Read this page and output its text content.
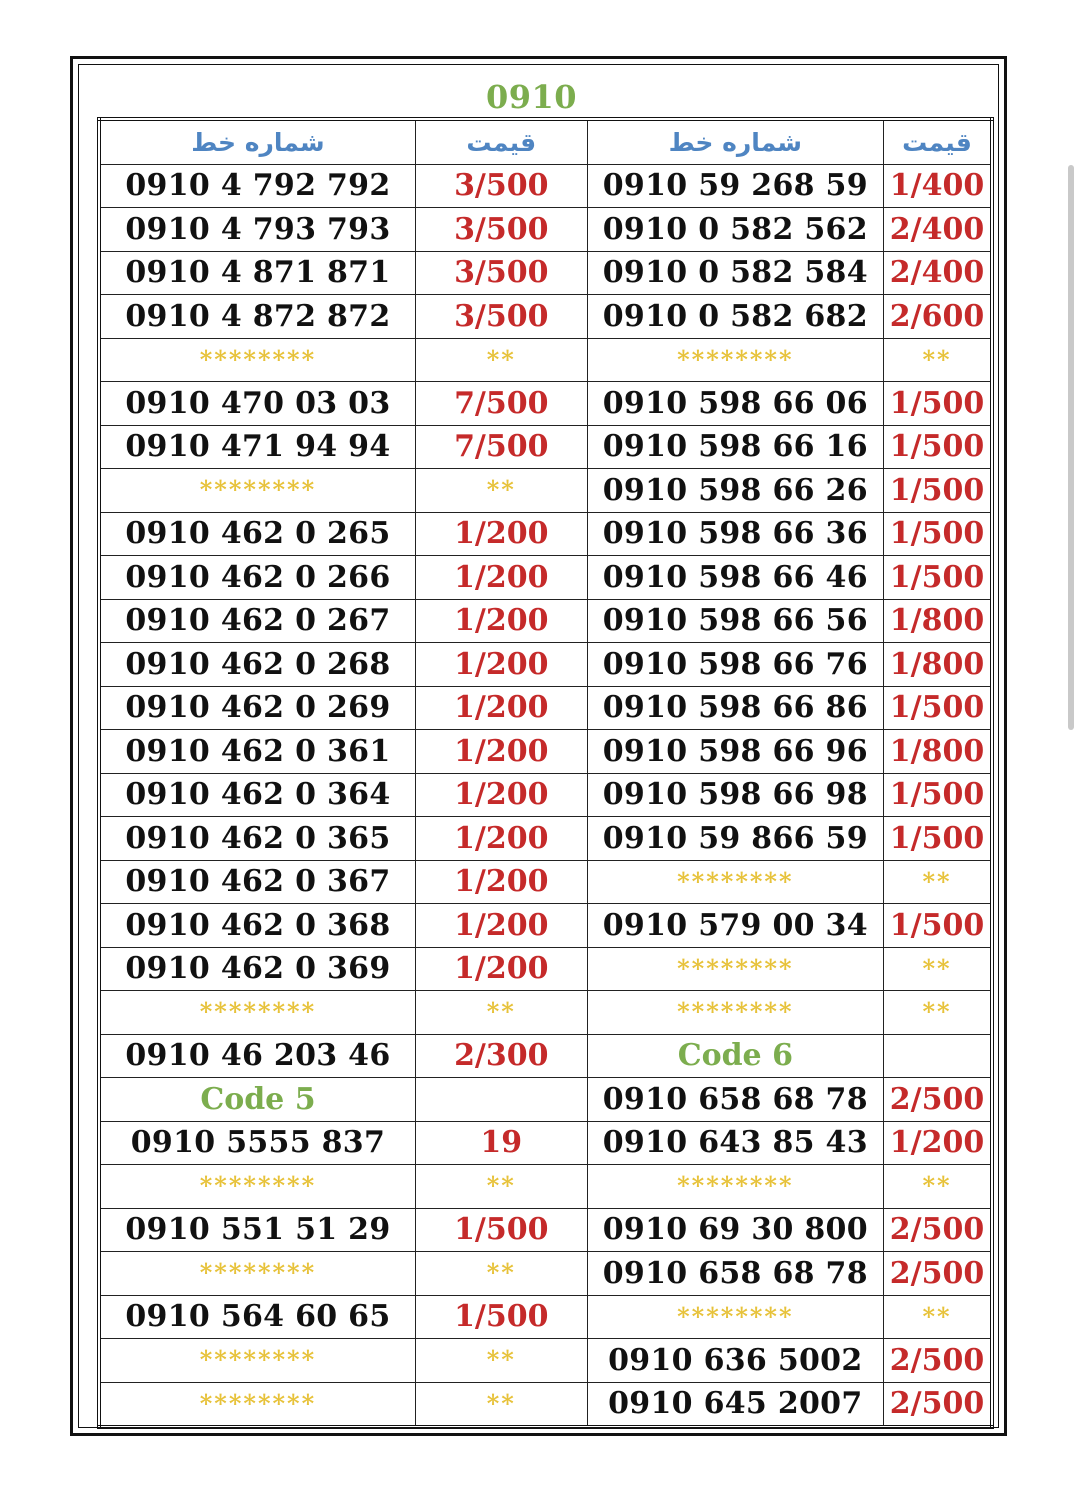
0910
شماره خط	قیمت	شماره خط	قیمت
0910 4 792 792	3/500	0910 59 268 59	1/400
0910 4 793 793	3/500	0910 0 582 562	2/400
0910 4 871 871	3/500	0910 0 582 584	2/400
0910 4 872 872	3/500	0910 0 582 682	2/600
********	**	********	**
0910 470 03 03	7/500	0910 598 66 06	1/500
0910 471 94 94	7/500	0910 598 66 16	1/500
********	**	0910 598 66 26	1/500
0910 462 0 265	1/200	0910 598 66 36	1/500
0910 462 0 266	1/200	0910 598 66 46	1/500
0910 462 0 267	1/200	0910 598 66 56	1/800
0910 462 0 268	1/200	0910 598 66 76	1/800
0910 462 0 269	1/200	0910 598 66 86	1/500
0910 462 0 361	1/200	0910 598 66 96	1/800
0910 462 0 364	1/200	0910 598 66 98	1/500
0910 462 0 365	1/200	0910 59 866 59	1/500
0910 462 0 367	1/200	********	**
0910 462 0 368	1/200	0910 579 00 34	1/500
0910 462 0 369	1/200	********	**
********	**	********	**
0910 46 203 46	2/300	Code 6	
Code 5		0910 658 68 78	2/500
0910 5555 837	19	0910 643 85 43	1/200
********	**	********	**
0910 551 51 29	1/500	0910 69 30 800	2/500
********	**	0910 658 68 78	2/500
0910 564 60 65	1/500	********	**
********	**	0910 636 5002	2/500
********	**	0910 645 2007	2/500
